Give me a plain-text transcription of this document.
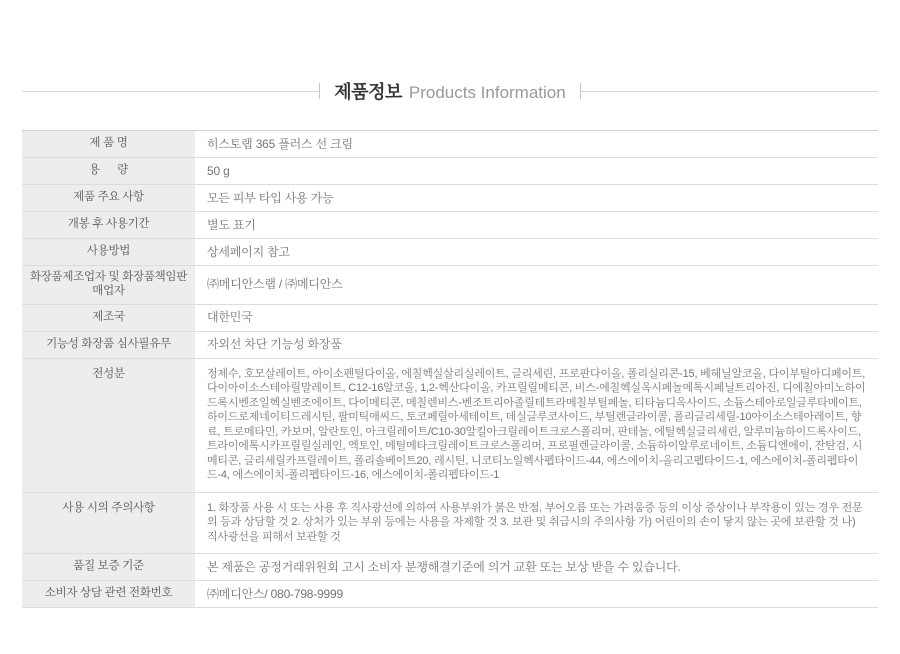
제품정보 Products Information
제 품 명	히스토랩 365 플러스 선 크림
용      량	50 g
제품 주요 사항	모든 피부 타입 사용 가능
개봉 후 사용기간	별도 표기
사용방법	상세페이지 참고
화장품제조업자 및 화장품책임판매업자	㈜메디안스랩 / ㈜메디안스
제조국	대한민국
기능성 화장품 심사필유무	자외선 차단 기능성 화장품
전성분	정제수, 호모살레이트, 아이소펜틸다이올, 에칠헥실살리실레이트, 글리세린, 프로판다이올, 폴리실리콘-15, 베헤닐알코올, 다이부틸아디페이트, 다이아이소스테아릴말레이트, C12-16알코올, 1,2-헥산다이올, 카프릴릴메티콘, 비스-에칠헥실옥시페놀메톡시페닐트리아진, 디에칠아미노하이드록시벤조일헥실벤조에이트, 다이메티콘, 메칠렌비스-벤조트리아졸릴테트라메칠부틸페놀, 티타늄디옥사이드, 소듐스테아로일글루타메이트, 하이드로제네이티드레시틴, 팔미틱애씨드, 토코페릴아세테이트, 데실글루코사이드, 부틸렌글라이콜, 폴리글리세릴-10아이소스테아레이트, 향료, 트로메타민, 카보머, 알란토인, 아크릴레이트/C10-30알킬아크릴레이트크로스폴리머, 판테놀, 에틸헥실글리세린, 알루미늄하이드록사이드, 트라이에톡시카프릴릴실레인, 엑토인, 메틸메타크릴레이트크로스폴리머, 프로필렌글라이콜, 소듐하이알루로네이트, 소듐디엔에이, 잔탄검, 시메티콘, 글리세릴카프릴레이트, 폴리솔베이트20, 레시틴, 니코티노일헥사펩타이드-44, 에스에이치-올리고펩타이드-1, 에스에이치-폴리펩타이드-4, 에스에이치-폴리펩타이드-16, 에스에이치-폴리펩타이드-1
사용 시의 주의사항	1. 화장품 사용 시 또는 사용 후 직사광선에 의하여 사용부위가 붉은 반점, 부어오름 또는 가려움증 등의 이상 증상이나 부작용이 있는 경우 전문의 등과 상담할 것 2. 상처가 있는 부위 등에는 사용을 자제할 것 3. 보관 및 취급시의 주의사항 가) 어린이의 손이 닿지 않는 곳에 보관할 것 나) 직사광선을 피해서 보관할 것
품질 보증 기준	본 제품은 공정거래위원회 고시 소비자 분쟁해결기준에 의거 교환 또는 보상 받을 수 있습니다.
소비자 상담 관련 전화번호	㈜메디안스/ 080-798-9999
